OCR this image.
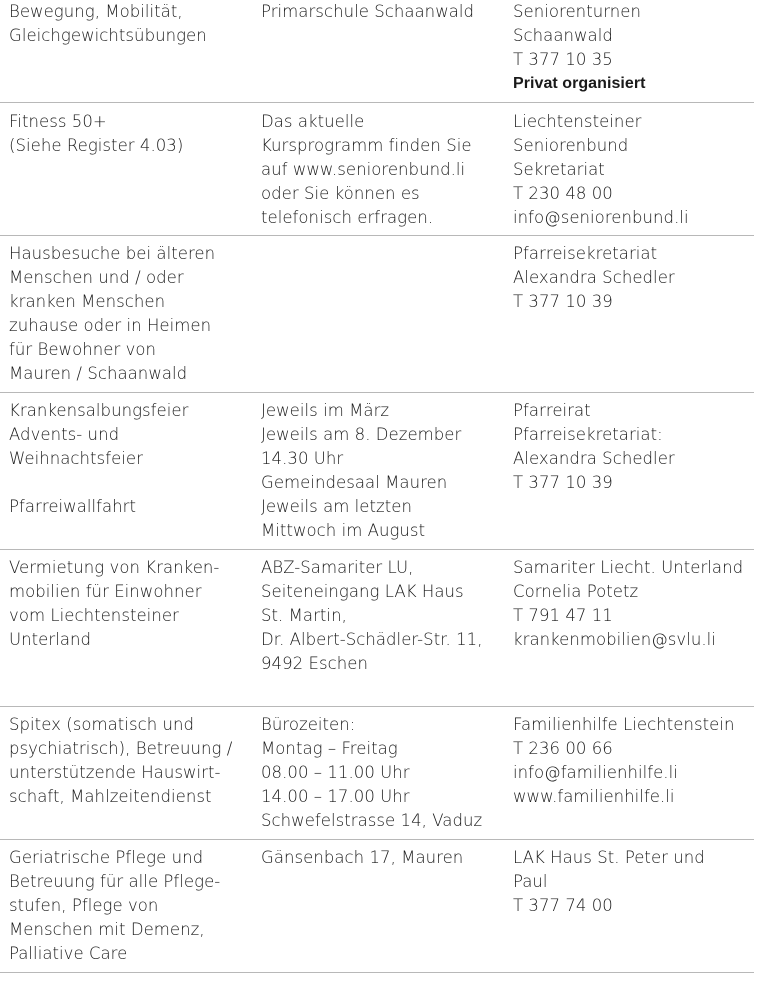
Bewegung, Mobilität,
Gleichgewichtsübungen
Primarschule Schaanwald Seniorenturnen
Schaanwald
T 377 10 35
Privat organisiert
Fitness 50+
(Siehe Register 4.03)
Das aktuelle
Kursprogramm finden Sie
auf www.seniorenbund.li
oder Sie können es
telefonisch erfragen.
Liechtensteiner
Seniorenbund
Sekretariat
T 230 48 00
info@seniorenbund.li
Hausbesuche bei älteren
Menschen und / oder
kranken Menschen
zuhause oder in Heimen
für Bewohner von
Mauren / Schaanwald
Pfarreisekretariat
Alexandra Schedler
T 377 10 39
Krankensalbungsfeier
Advents- und
Weihnachtsfeier
Pfarreiwallfahrt
Jeweils im März
Jeweils am 8. Dezember
14.30 Uhr
Gemeindesaal Mauren
Jeweils am letzten
Mittwoch im August
Pfarreirat
Pfarreisekretariat:
Alexandra Schedler
T 377 10 39
Vermietung von Kranken-
mobilien für Einwohner
vom Liechtensteiner
Unterland
ABZ-Samariter LU,
Seiteneingang LAK Haus
St. Martin,
Dr. Albert-Schädler-Str. 11,
9492 Eschen
Samariter Liecht. Unterland
Cornelia Potetz
T 791 47 11
krankenmobilien@svlu.li
Spitex (somatisch und
psychiatrisch), Betreuung /
unterstützende Hauswirt-
schaft, Mahlzeitendienst
Bürozeiten:
Montag – Freitag
08.00 – 11.00 Uhr
14.00 – 17.00 Uhr
Schwefelstrasse 14, Vaduz
Familienhilfe Liechtenstein
T 236 00 66
info@familienhilfe.li
www.familienhilfe.li
Geriatrische Pflege und
Betreuung für alle Pflege-
stufen, Pflege von
Menschen mit Demenz,
Palliative Care
Gänsenbach 17, Mauren	LAK Haus St. Peter und
Paul
T 377 74 00
